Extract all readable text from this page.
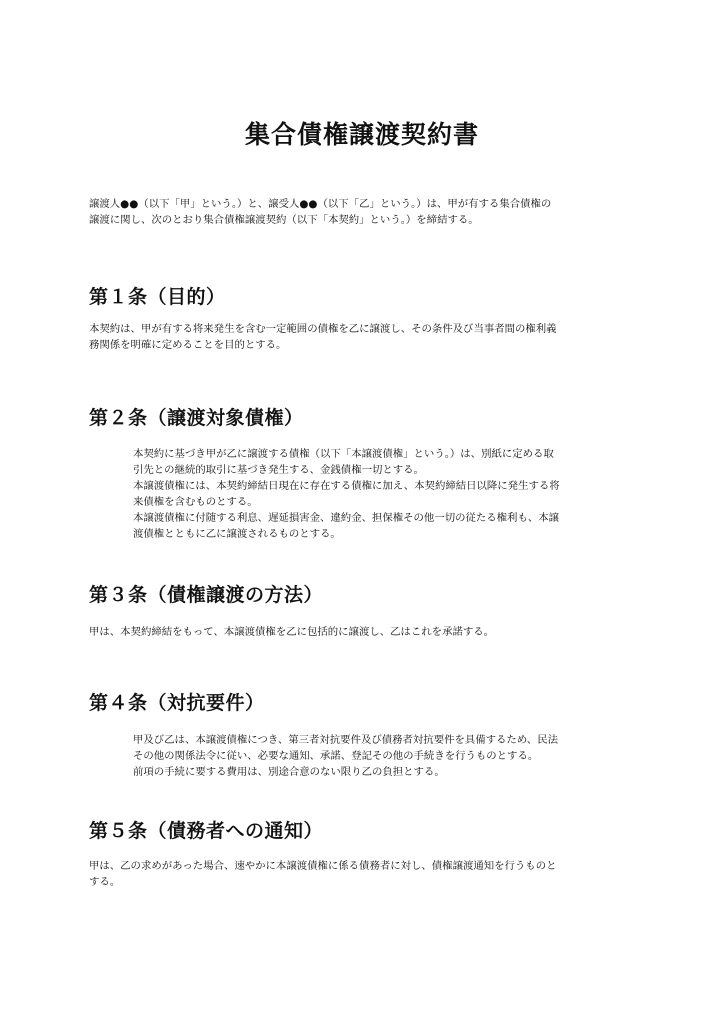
集合債権譲渡契約書

譲渡人●●（以下「甲」という。）と、譲受人●●（以下「乙」という。）は、甲が有する集合債権の
譲渡に関し、次のとおり集合債権譲渡契約（以下「本契約」という。）を締結する。

第１条（目的）

本契約は、甲が有する将来発生を含む一定範囲の債権を乙に譲渡し、その条件及び当事者間の権利義
務関係を明確に定めることを目的とする。

第２条（譲渡対象債権）

本契約に基づき甲が乙に譲渡する債権（以下「本譲渡債権」という。）は、別紙に定める取
引先との継続的取引に基づき発生する、金銭債権一切とする。
本譲渡債権には、本契約締結日現在に存在する債権に加え、本契約締結日以降に発生する将
来債権を含むものとする。
本譲渡債権に付随する利息、遅延損害金、違約金、担保権その他一切の従たる権利も、本譲
渡債権とともに乙に譲渡されるものとする。

第３条（債権譲渡の方法）

甲は、本契約締結をもって、本譲渡債権を乙に包括的に譲渡し、乙はこれを承諾する。

第４条（対抗要件）

甲及び乙は、本譲渡債権につき、第三者対抗要件及び債務者対抗要件を具備するため、民法
その他の関係法令に従い、必要な通知、承諾、登記その他の手続きを行うものとする。
前項の手続に要する費用は、別途合意のない限り乙の負担とする。

第５条（債務者への通知）

甲は、乙の求めがあった場合、速やかに本譲渡債権に係る債務者に対し、債権譲渡通知を行うものと
する。
